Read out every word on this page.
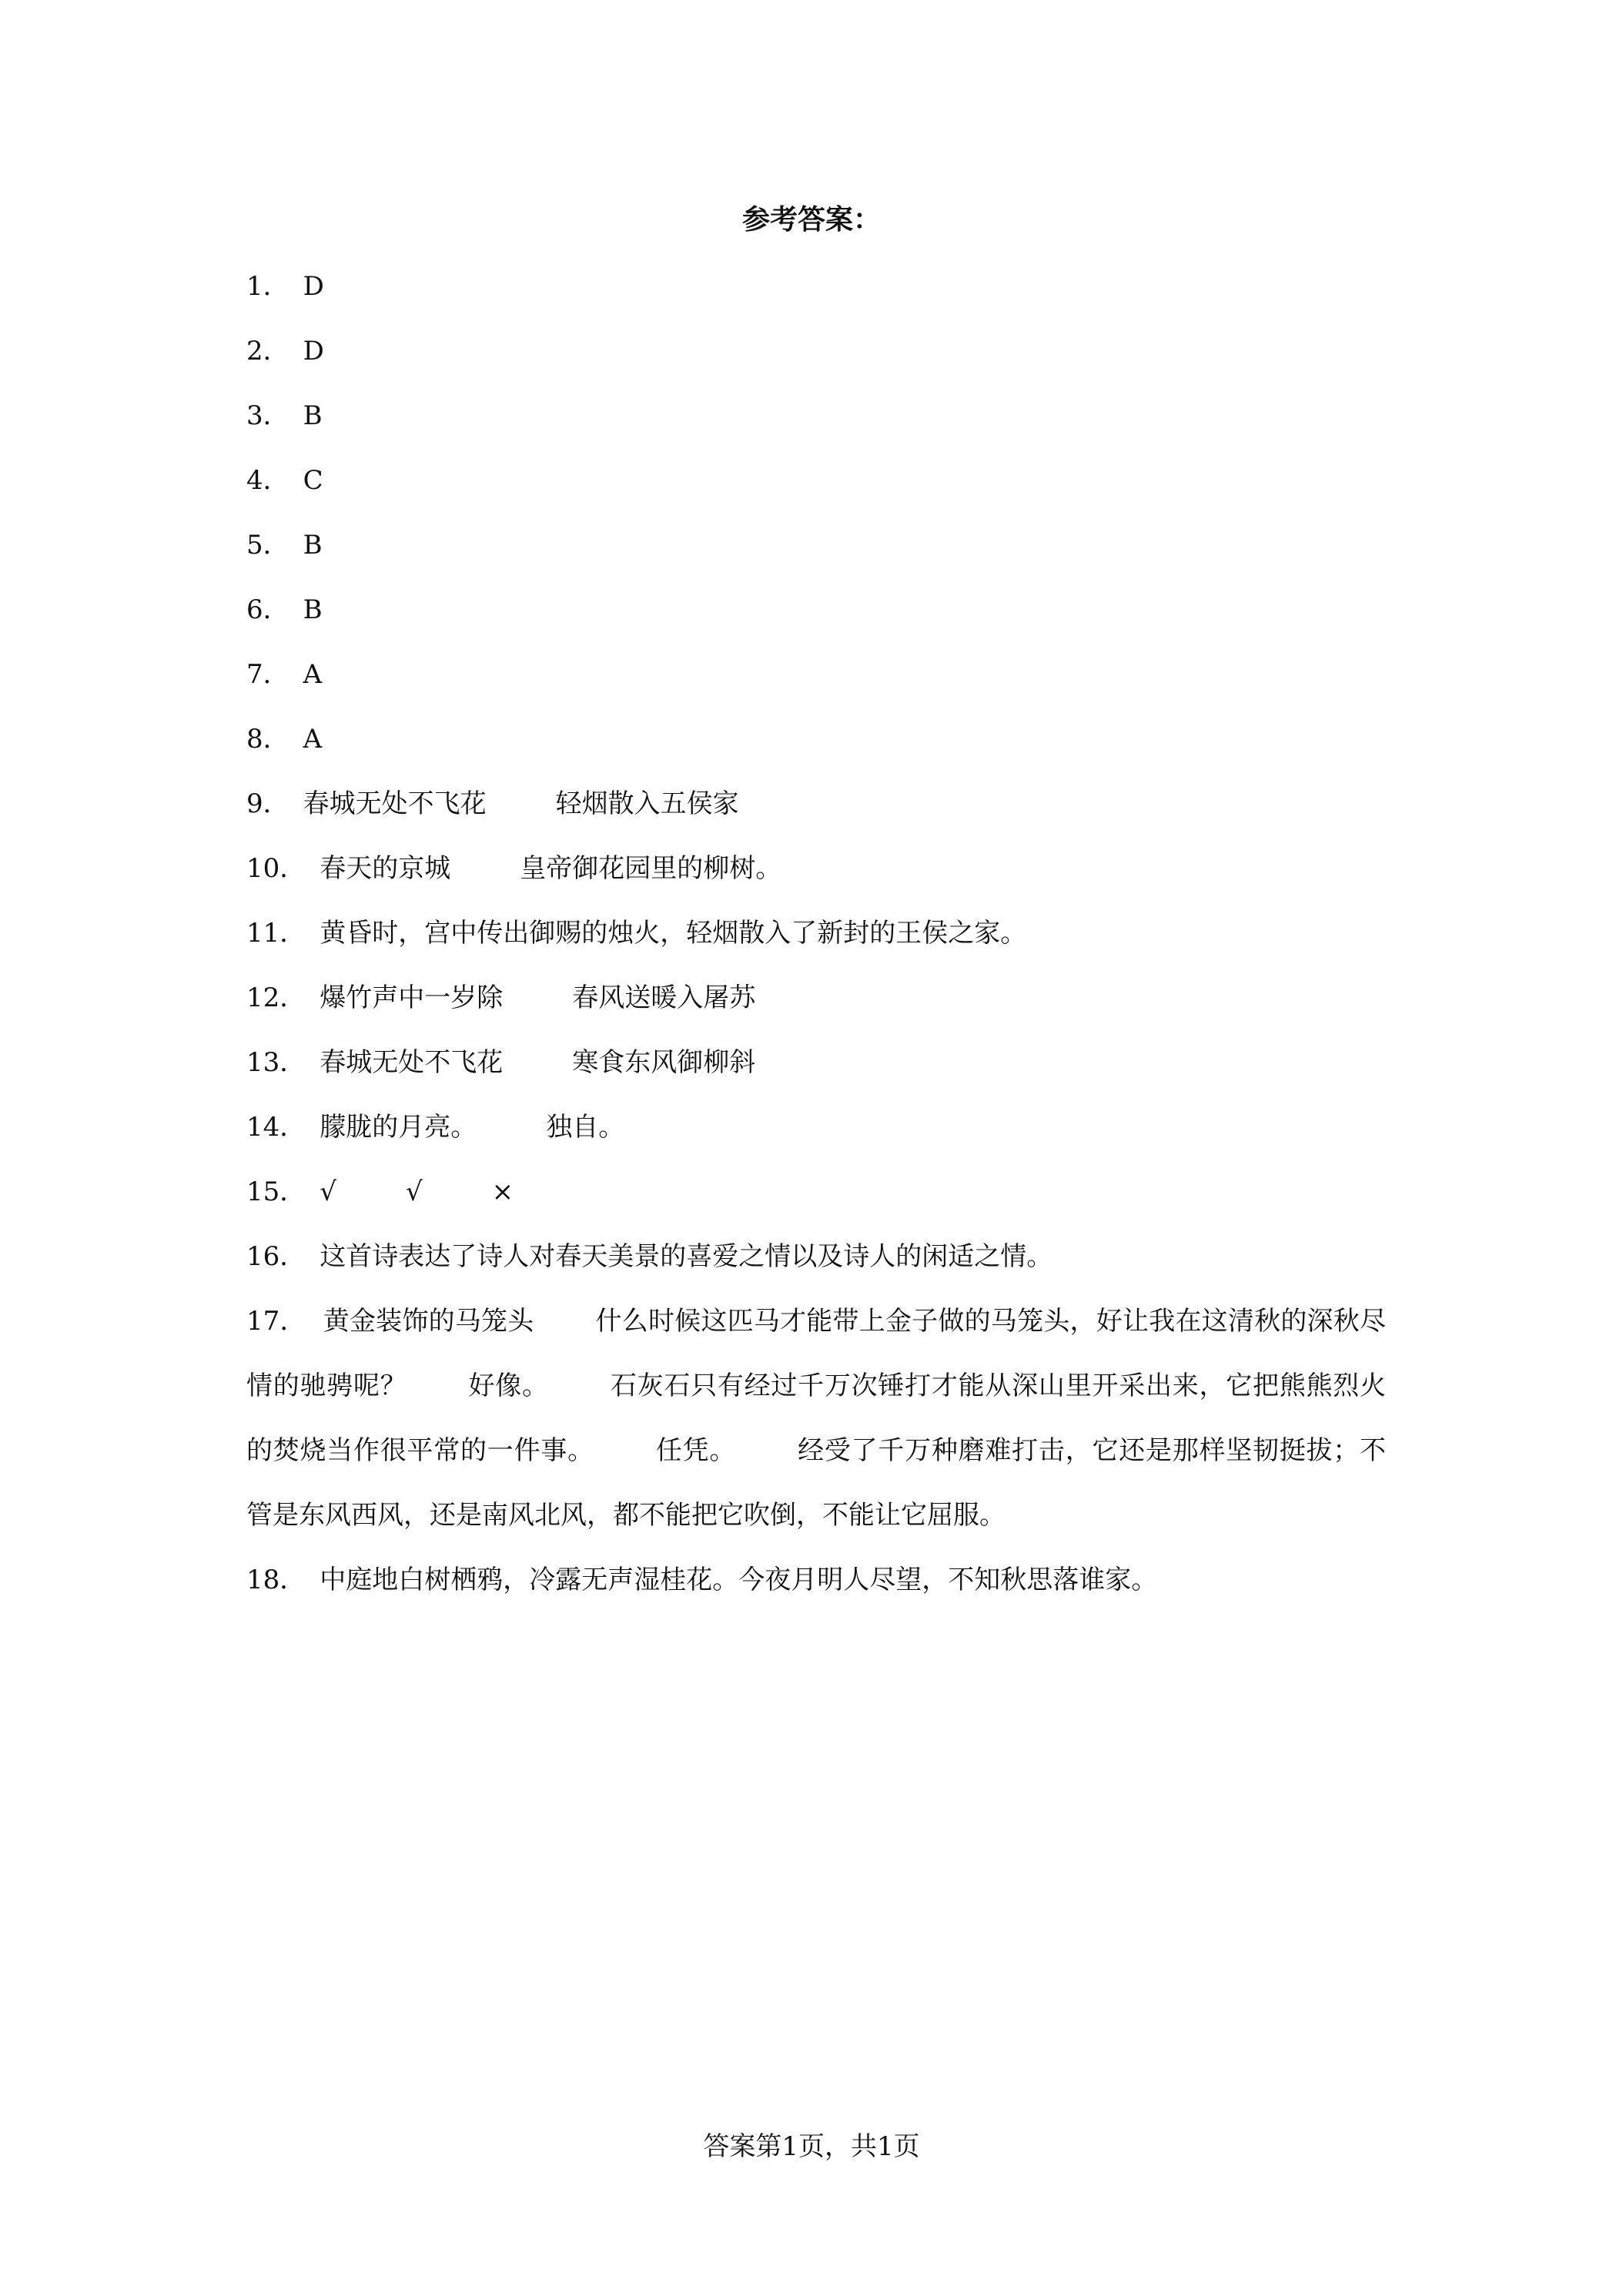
参考答案：

1． D

2． D

3． B

4． C

5． B

6． B

7． A

8． A

9． 春城无处不飞花	轻烟散入五侯家

10． 春天的京城	皇帝御花园里的柳树。

11． 黄昏时，宫中传出御赐的烛火，轻烟散入了新封的王侯之家。

12． 爆竹声中一岁除	春风送暖入屠苏

13． 春城无处不飞花	寒食东风御柳斜

14． 朦胧的月亮。	独自。

15． √	√	×

16． 这首诗表达了诗人对春天美景的喜爱之情以及诗人的闲适之情。

17． 黄金装饰的马笼头 什么时候这匹马才能带上金子做的马笼头，好让我在这清秋的深秋尽情的驰骋呢？ 好像。 石灰石只有经过千万次锤打才能从深山里开采出来，它把熊熊烈火的焚烧当作很平常的一件事。 任凭。 经受了千万种磨难打击，它还是那样坚韧挺拔；不管是东风西风，还是南风北风，都不能把它吹倒，不能让它屈服。

18． 中庭地白树栖鸦，冷露无声湿桂花。今夜月明人尽望，不知秋思落谁家。

答案第1页，共1页
